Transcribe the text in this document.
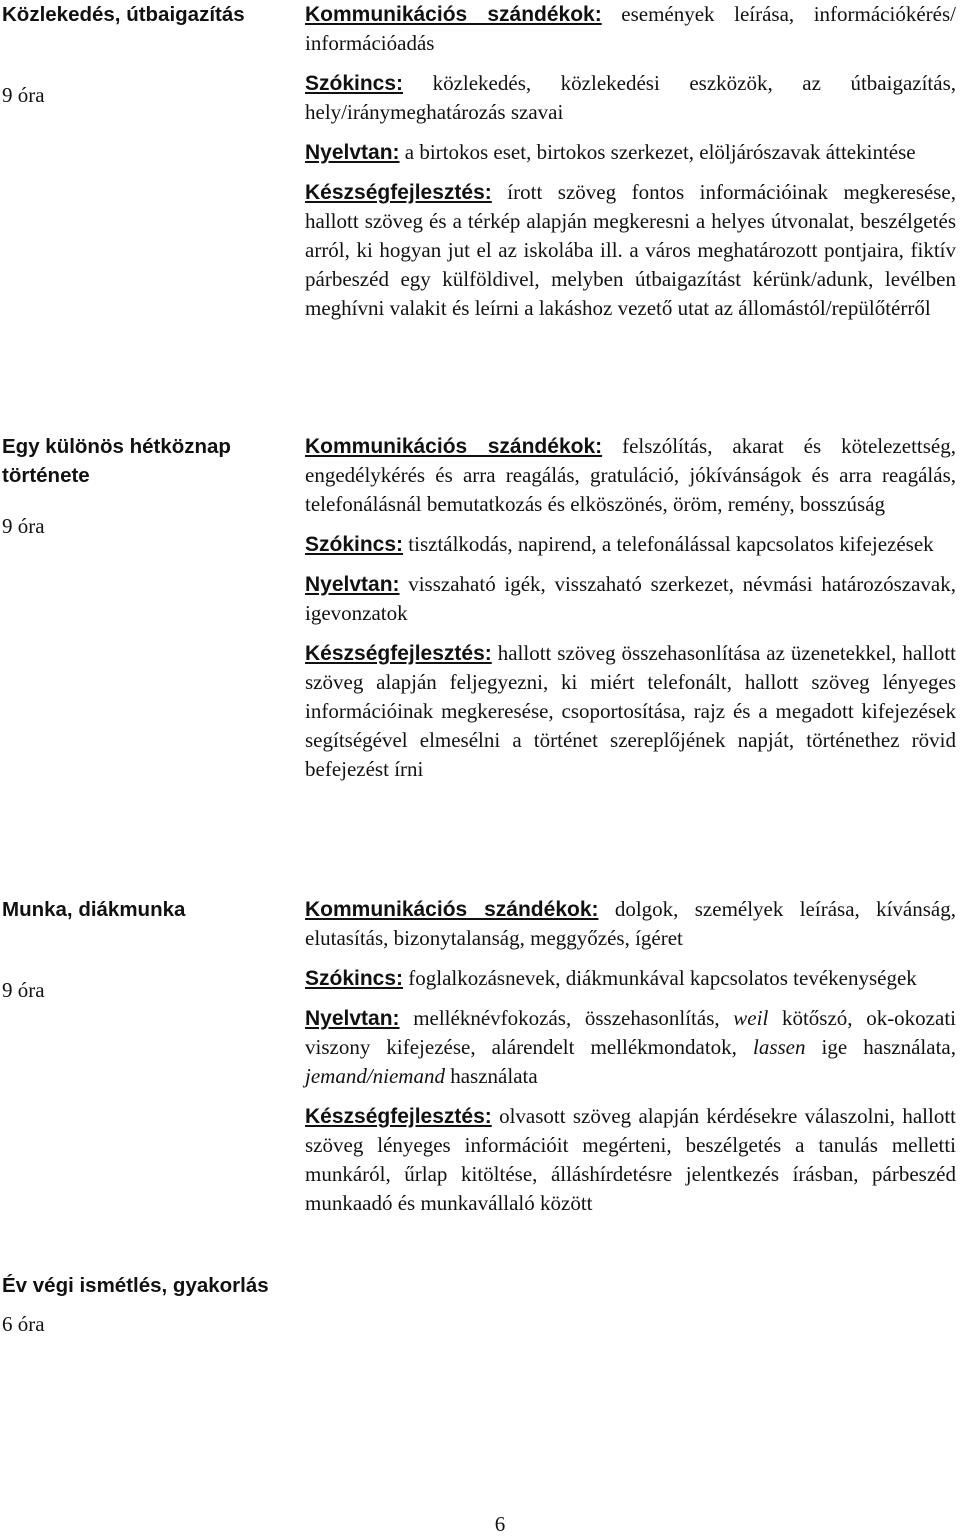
Közlekedés, útbaigazítás

9 óra

Kommunikációs szándékok: események leírása, információkérés/ információadás

Szókincs: közlekedés, közlekedési eszközök, az útbaigazítás, hely/iránymeghatározás szavai

Nyelvtan: a birtokos eset, birtokos szerkezet, elöljárószavak áttekintése

Készségfejlesztés: írott szöveg fontos információinak megkeresése, hallott szöveg és a térkép alapján megkeresni a helyes útvonalat, beszélgetés arról, ki hogyan jut el az iskolába ill. a város meghatározott pontjaira, fiktív párbeszéd egy külföldivel, melyben útbaigazítást kérünk/adunk, levélben meghívni valakit és leírni a lakáshoz vezető utat az állomástól/repülőtérről

Egy különös hétköznap története

9 óra

Kommunikációs szándékok: felszólítás, akarat és kötelezettség, engedélykérés és arra reagálás, gratuláció, jókívánságok és arra reagálás, telefonálásnál bemutatkozás és elköszönés, öröm, remény, bosszúság

Szókincs: tisztálkodás, napirend, a telefonálással kapcsolatos kifejezések

Nyelvtan: visszaható igék, visszaható szerkezet, névmási határozószavak, igevonzatok

Készségfejlesztés: hallott szöveg összehasonlítása az üzenetekkel, hallott szöveg alapján feljegyezni, ki miért telefonált, hallott szöveg lényeges információinak megkeresése, csoportosítása, rajz és a megadott kifejezések segítségével elmesélni a történet szereplőjének napját, történethez rövid befejezést írni

Munka, diákmunka

9 óra

Kommunikációs szándékok: dolgok, személyek leírása, kívánság, elutasítás, bizonytalanság, meggyőzés, ígéret

Szókincs: foglalkozásnevek, diákmunkával kapcsolatos tevékenységek

Nyelvtan: melléknévfokozás, összehasonlítás, weil kötőszó, ok-okozati viszony kifejezése, alárendelt mellékmondatok, lassen ige használata, jemand/niemand használata

Készségfejlesztés: olvasott szöveg alapján kérdésekre válaszolni, hallott szöveg lényeges információit megérteni, beszélgetés a tanulás melletti munkáról, űrlap kitöltése, álláshírdetésre jelentkezés írásban, párbeszéd munkaadó és munkavállaló között

Év végi ismétlés, gyakorlás

6 óra

6
